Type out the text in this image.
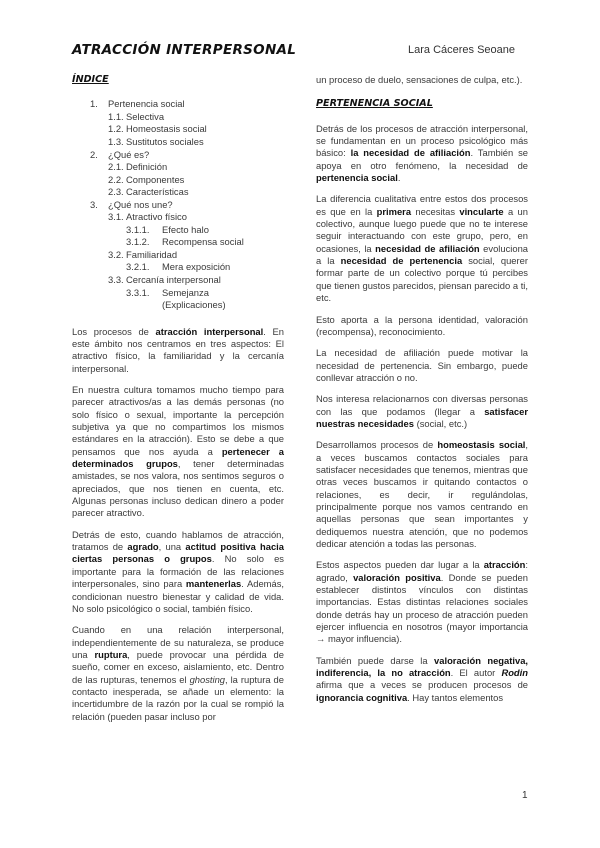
ATRACCIÓN INTERPERSONAL	Lara Cáceres Seoane
ÍNDICE
1. Pertenencia social
1.1. Selectiva
1.2. Homeostasis social
1.3. Sustitutos sociales
2. ¿Qué es?
2.1. Definición
2.2. Componentes
2.3. Características
3. ¿Qué nos une?
3.1. Atractivo físico
3.1.1. Efecto halo
3.1.2. Recompensa social
3.2. Familiaridad
3.2.1. Mera exposición
3.3. Cercanía interpersonal
3.3.1. Semejanza
(Explicaciones)

Los procesos de atracción interpersonal. En este ámbito nos centramos en tres aspectos: El atractivo físico, la familiaridad y la cercanía interpersonal.

En nuestra cultura tomamos mucho tiempo para parecer atractivos/as a las demás personas (no solo físico o sexual, importante la percepción subjetiva ya que no compartimos los mismos estándares en la atracción). Esto se debe a que pensamos que nos ayuda a pertenecer a determinados grupos, tener determinadas amistades, se nos valora, nos sentimos seguros o apreciados, que nos tienen en cuenta, etc. Algunas personas incluso dedican dinero a poder parecer atractivo.

Detrás de esto, cuando hablamos de atracción, tratamos de agrado, una actitud positiva hacia ciertas personas o grupos. No solo es importante para la formación de las relaciones interpersonales, sino para mantenerlas. Además, condicionan nuestro bienestar y calidad de vida. No solo psicológico o social, también físico.

Cuando en una relación interpersonal, independientemente de su naturaleza, se produce una ruptura, puede provocar una pérdida de sueño, comer en exceso, aislamiento, etc. Dentro de las rupturas, tenemos el ghosting, la ruptura de contacto inesperada, se añade un elemento: la incertidumbre de la razón por la cual se rompió la relación (pueden pasar incluso por

un proceso de duelo, sensaciones de culpa, etc.).

PERTENENCIA SOCIAL

Detrás de los procesos de atracción interpersonal, se fundamentan en un proceso psicológico más básico: la necesidad de afiliación. También se apoya en otro fenómeno, la necesidad de pertenencia social.

La diferencia cualitativa entre estos dos procesos es que en la primera necesitas vincularte a un colectivo, aunque luego puede que no te interese seguir interactuando con este grupo, pero, en ocasiones, la necesidad de afiliación evoluciona a la necesidad de pertenencia social, querer formar parte de un colectivo porque tú percibes que tienen gustos parecidos, piensan parecido a ti, etc.

Esto aporta a la persona identidad, valoración (recompensa), reconocimiento.

La necesidad de afiliación puede motivar la necesidad de pertenencia. Sin embargo, puede conllevar atracción o no.

Nos interesa relacionarnos con diversas personas con las que podamos (llegar a satisfacer nuestras necesidades (social, etc.)

Desarrollamos procesos de homeostasis social, a veces buscamos contactos sociales para satisfacer necesidades que tenemos, mientras que otras veces buscamos ir quitando contactos o relaciones, es decir, ir regulándolas, principalmente porque nos vamos centrando en aquellas personas que sean importantes y dediquemos nuestra atención, que no podemos dedicar atención a todas las personas.

Estos aspectos pueden dar lugar a la atracción: agrado, valoración positiva. Donde se pueden establecer distintos vínculos con distintas importancias. Estas distintas relaciones sociales donde detrás hay un proceso de atracción pueden ejercer influencia en nosotros (mayor importancia → mayor influencia).

También puede darse la valoración negativa, indiferencia, la no atracción. El autor Rodin afirma que a veces se producen procesos de ignorancia cognitiva. Hay tantos elementos

1
